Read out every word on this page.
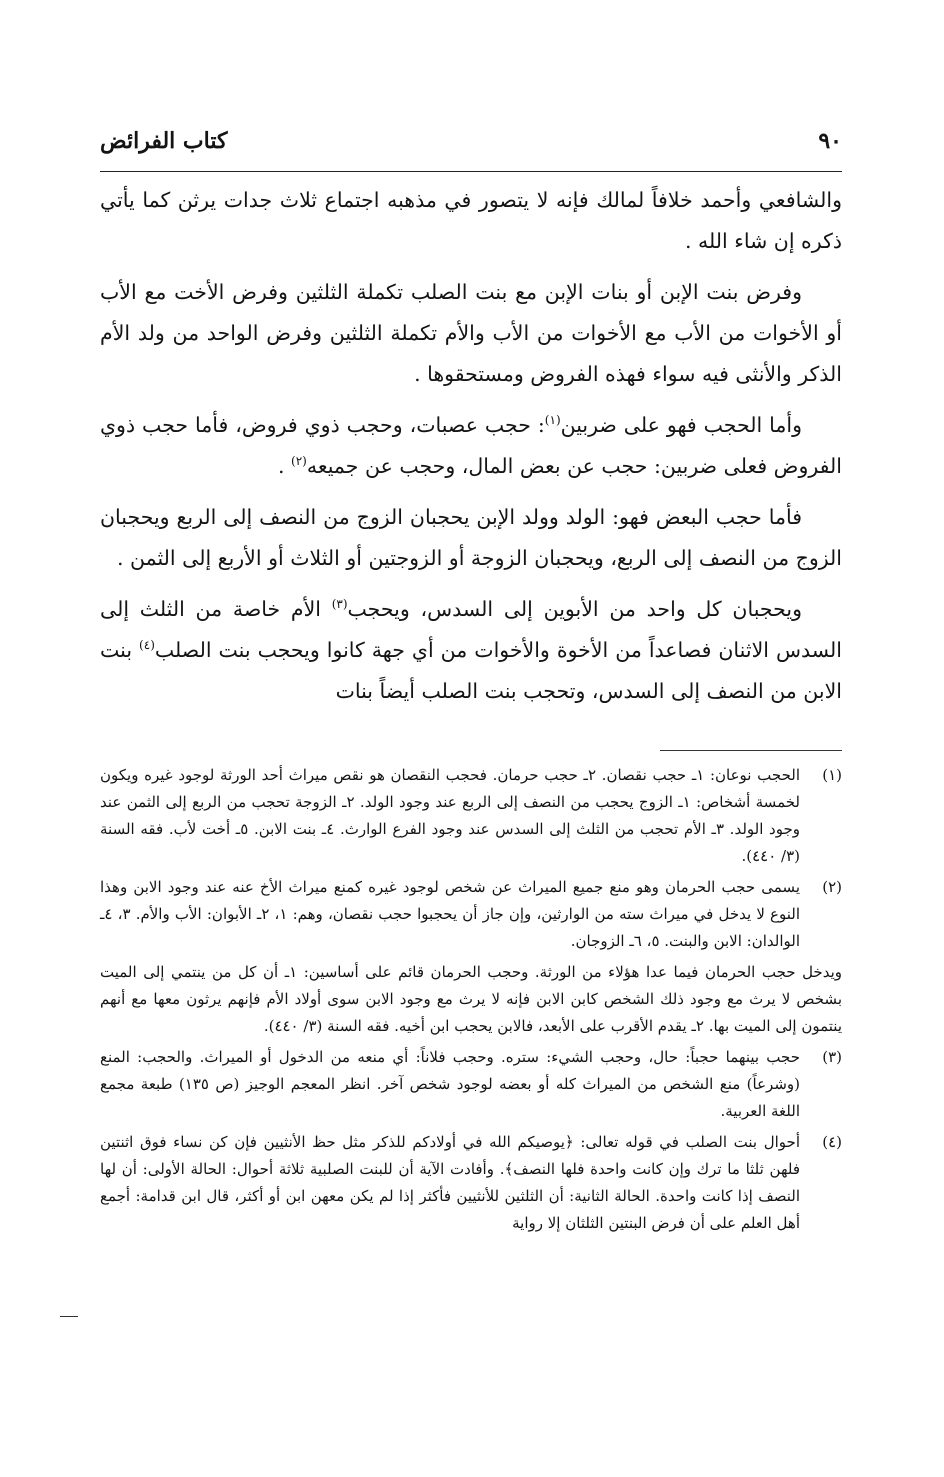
٩٠
كتاب الفرائض

والشافعي وأحمد خلافاً لمالك فإنه لا يتصور في مذهبه اجتماع ثلاث جدات يرثن كما يأتي ذكره إن شاء الله .

وفرض بنت الإبن أو بنات الإبن مع بنت الصلب تكملة الثلثين وفرض الأخت مع الأب أو الأخوات من الأب مع الأخوات من الأب والأم تكملة الثلثين وفرض الواحد من ولد الأم الذكر والأنثى فيه سواء فهذه الفروض ومستحقوها .

وأما الحجب فهو على ضربين$^{(١)}$: حجب عصبات، وحجب ذوي فروض، فأما حجب ذوي الفروض فعلى ضربين: حجب عن بعض المال، وحجب عن جميعه$^{(٢)}$ .

فأما حجب البعض فهو: الولد وولد الإبن يحجبان الزوج من النصف إلى الربع ويحجبان الزوج من النصف إلى الربع، ويحجبان الزوجة أو الزوجتين أو الثلاث أو الأربع إلى الثمن .

ويحجبان كل واحد من الأبوين إلى السدس، ويحجب$^{(٣)}$ الأم خاصة من الثلث إلى السدس الاثنان فصاعداً من الأخوة والأخوات من أي جهة كانوا ويحجب بنت الصلب$^{(٤)}$ بنت الابن من النصف إلى السدس، وتحجب بنت الصلب أيضاً بنات

(١)
الحجب نوعان: ١ـ حجب نقصان. ٢ـ حجب حرمان. فحجب النقصان هو نقص ميراث أحد الورثة لوجود غيره ويكون لخمسة أشخاص: ١ـ الزوج يحجب من النصف إلى الربع عند وجود الولد. ٢ـ الزوجة تحجب من الربع إلى الثمن عند وجود الولد. ٣ـ الأم تحجب من الثلث إلى السدس عند وجود الفرع الوارث. ٤ـ بنت الابن. ٥ـ أخت لأب. فقه السنة (٣/ ٤٤٠).
(٢)
يسمى حجب الحرمان وهو منع جميع الميراث عن شخص لوجود غيره كمنع ميراث الأخ عنه عند وجود الابن وهذا النوع لا يدخل في ميراث سته من الوارثين، وإن جاز أن يحجبوا حجب نقصان، وهم: ١، ٢ـ الأبوان: الأب والأم. ٣، ٤ـ الوالدان: الابن والبنت. ٥، ٦ـ الزوجان.
ويدخل حجب الحرمان فيما عدا هؤلاء من الورثة. وحجب الحرمان قائم على أساسين: ١ـ أن كل من ينتمي إلى الميت بشخص لا يرث مع وجود ذلك الشخص كابن الابن فإنه لا يرث مع وجود الابن سوى أولاد الأم فإنهم يرثون معها مع أنهم ينتمون إلى الميت بها. ٢ـ يقدم الأقرب على الأبعد، فالابن يحجب ابن أخيه. فقه السنة (٣/ ٤٤٠).
(٣)
حجب بينهما حجباً: حال، وحجب الشيء: ستره. وحجب فلاناً: أي منعه من الدخول أو الميراث. والحجب: المنع (وشرعاً) منع الشخص من الميراث كله أو بعضه لوجود شخص آخر. انظر المعجم الوجيز (ص ١٣٥) طبعة مجمع اللغة العربية.
(٤)
أحوال بنت الصلب في قوله تعالى: ﴿يوصيكم الله في أولادكم للذكر مثل حظ الأنثيين فإن كن نساء فوق اثنتين فلهن ثلثا ما ترك وإن كانت واحدة فلها النصف﴾. وأفادت الآية أن للبنت الصلبية ثلاثة أحوال: الحالة الأولى: أن لها النصف إذا كانت واحدة. الحالة الثانية: أن الثلثين للأنثيين فأكثر إذا لم يكن معهن ابن أو أكثر، قال ابن قدامة: أجمع أهل العلم على أن فرض البنتين الثلثان إلا رواية
